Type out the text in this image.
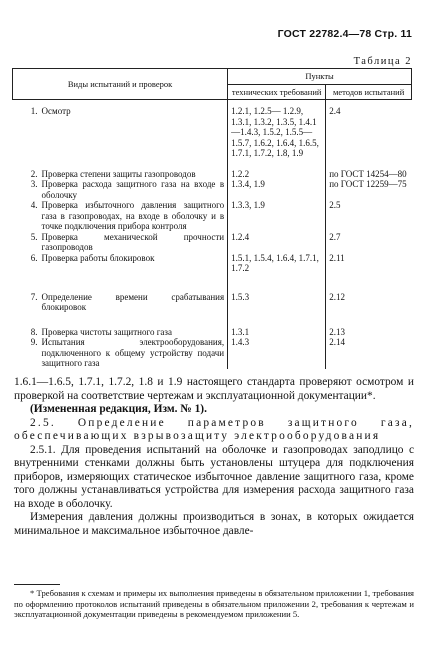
ГОСТ 22782.4—78 Стр. 11
Таблица 2
Виды испытаний и проверок	Пункты	
	технических требований	методов испытаний

1. Осмотр	1.2.1, 1.2.5— 1.2.9, 1.3.1, 1.3.2, 1.3.5, 1.4.1—1.4.3, 1.5.2, 1.5.5—1.5.7, 1.6.2, 1.6.4, 1.6.5, 1.7.1, 1.7.2, 1.8, 1.9	2.4

2. Проверка степени защиты газопроводов	1.2.2	по ГОСТ 14254—80

3. Проверка расхода защитного газа на входе в оболочку	1.3.4, 1.9	по ГОСТ 12259—75

4. Проверка избыточного давления защитного газа в газопроводах, на входе в оболочку и в точке подключения прибора контроля	1.3.3, 1.9	2.5

5. Проверка механической прочности газопроводов	1.2.4	2.7

6. Проверка работы блокировок	1.5.1, 1.5.4, 1.6.4, 1.7.1, 1.7.2	2.11

7. Определение времени срабатывания блокировок	1.5.3	2.12

8. Проверка чистоты защитного газа	1.3.1	2.13

9. Испытания электрооборудования, подключенного к общему устройству подачи защитного газа	1.4.3	2.14

1.6.1—1.6.5, 1.7.1, 1.7.2, 1.8 и 1.9 настоящего стандарта проверяют осмотром и проверкой на соответствие чертежам и эксплуатационной документации*.

(Измененная редакция, Изм. № 1).

2.5. Определение параметров защитного газа, обеспечивающих взрывозащиту электрооборудования

2.5.1. Для проведения испытаний на оболочке и газопроводах заподлицо с внутренними стенками должны быть установлены штуцера для подключения приборов, измеряющих статическое избыточное давление защитного газа, кроме того должны устанавливаться устройства для измерения расхода защитного газа на входе в оболочку.

Измерения давления должны производиться в зонах, в которых ожидается минимальное и максимальное избыточное давле-

* Требования к схемам и примеры их выполнения приведены в обязательном приложении 1, требования по оформлению протоколов испытаний приведены в обязательном приложении 2, требования к чертежам и эксплуатационной документации приведены в рекомендуемом приложении 5.
